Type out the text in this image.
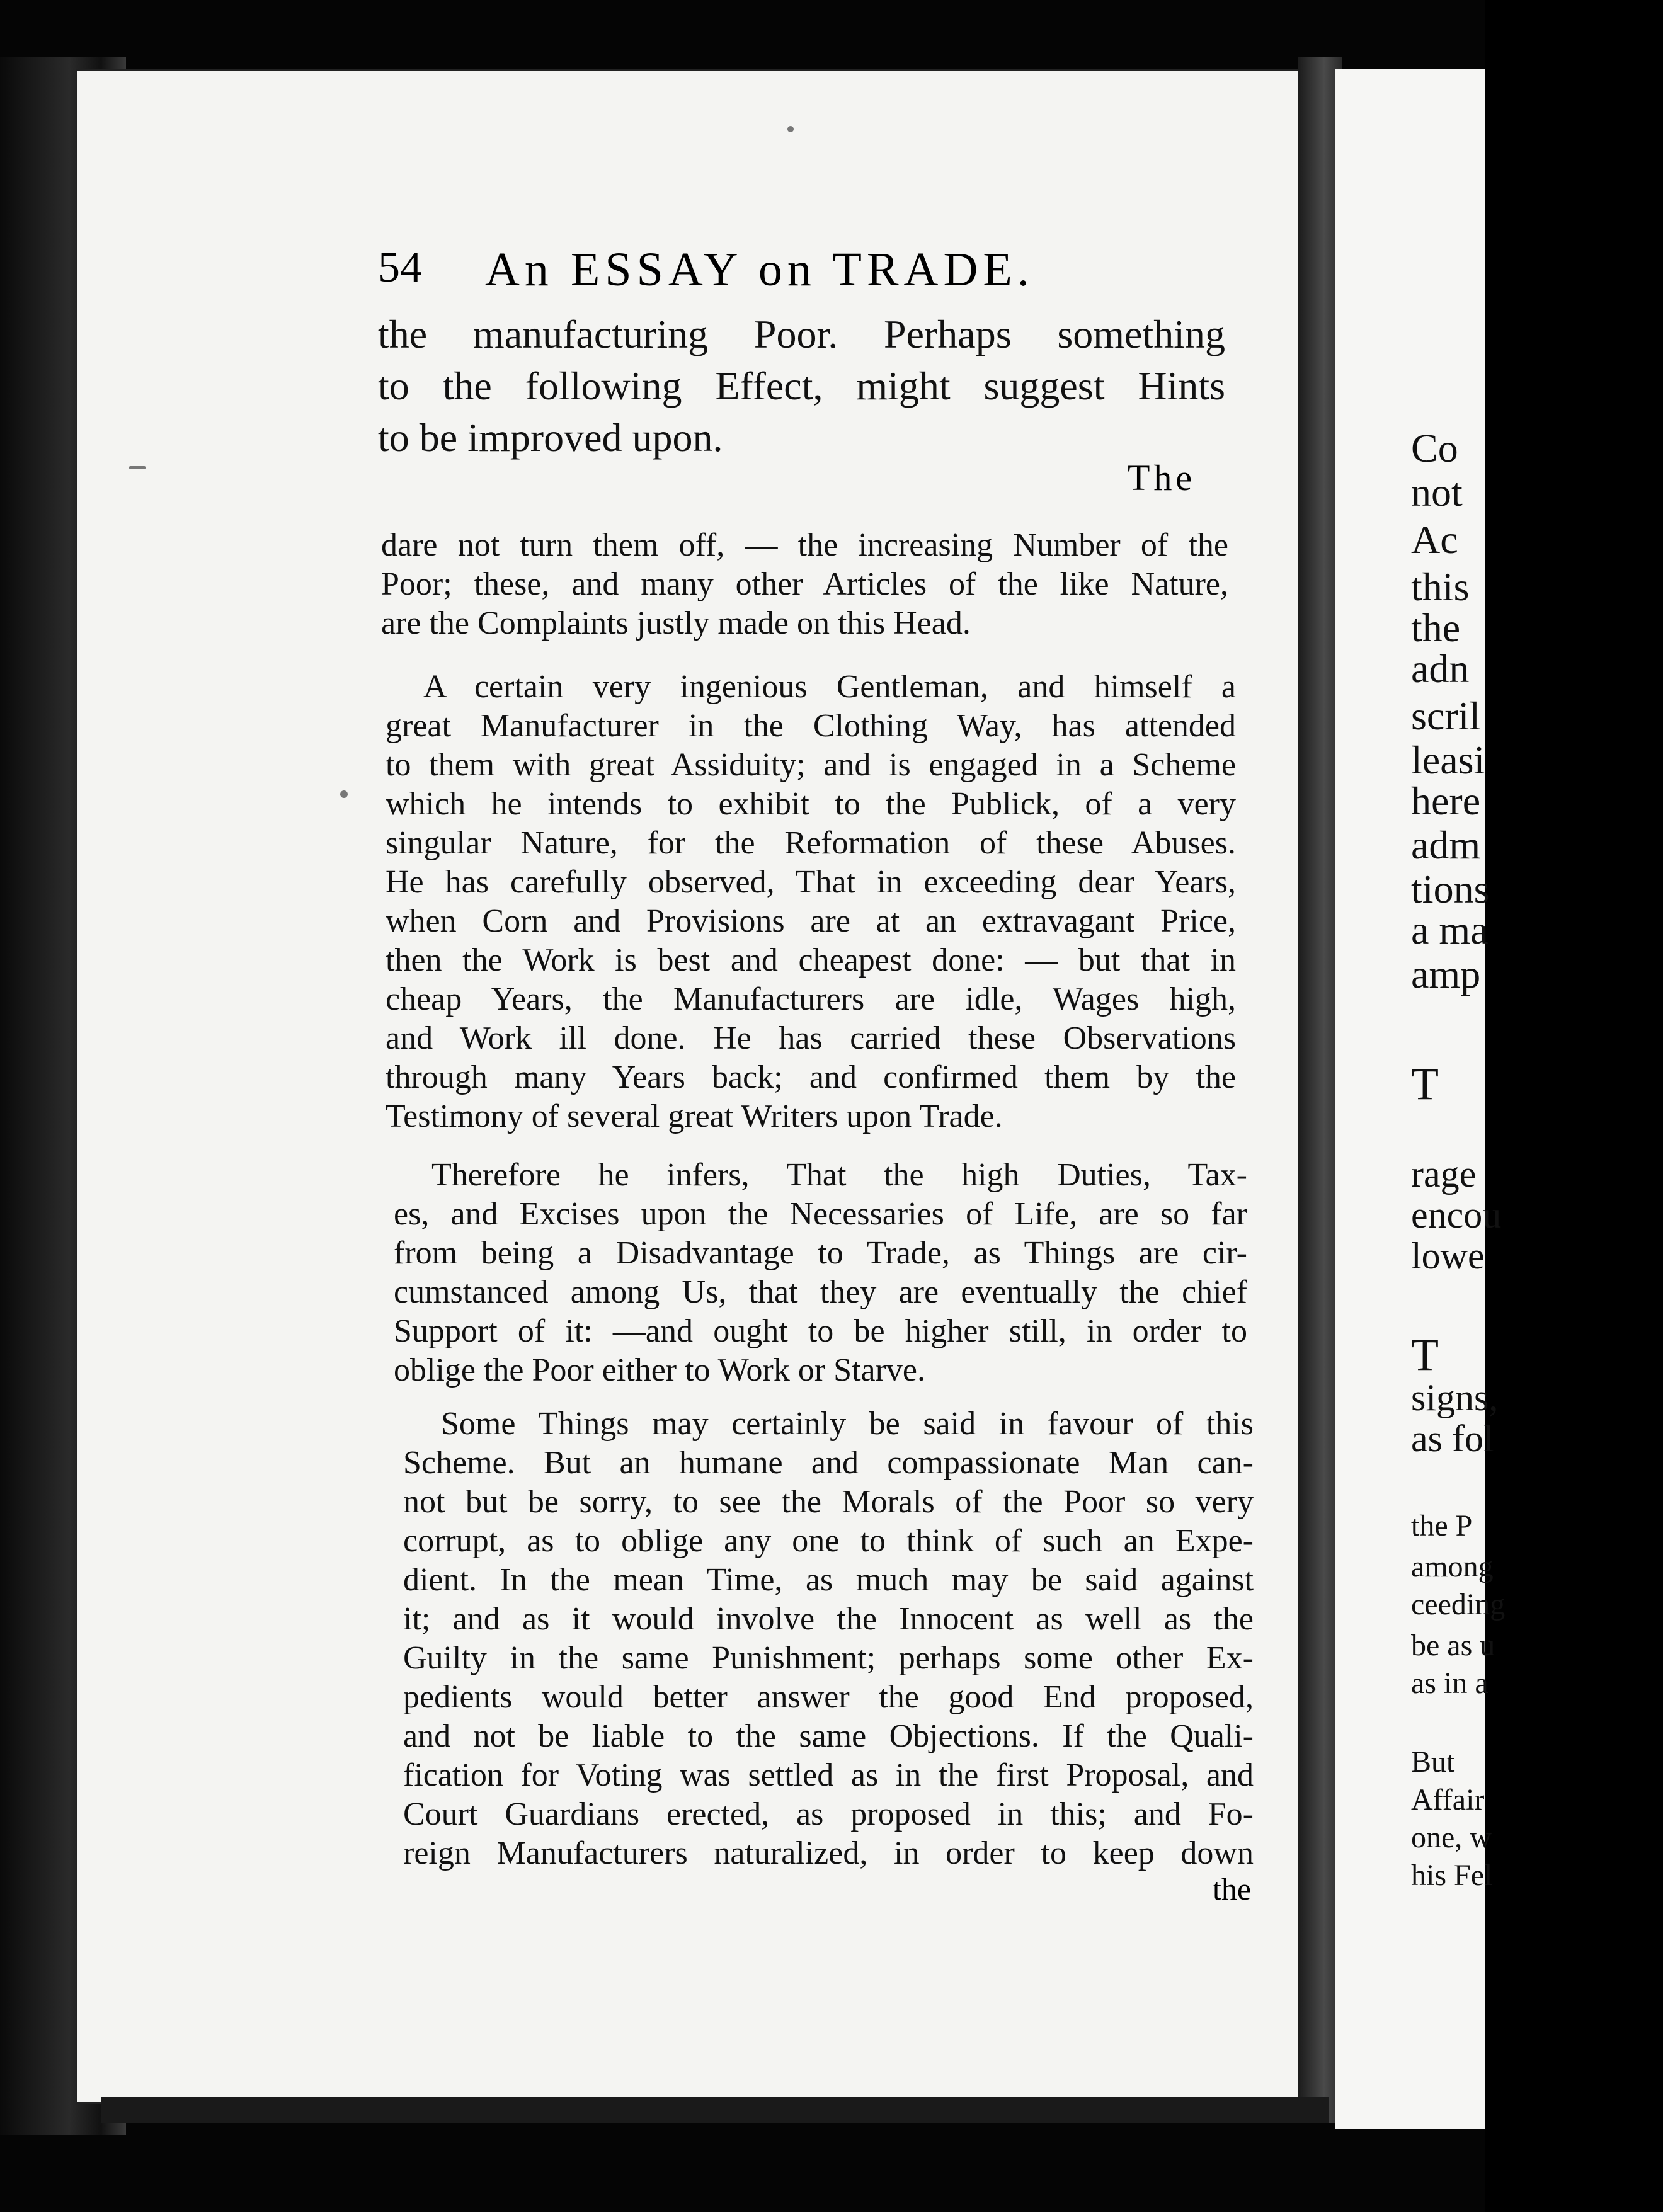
54 An ESSAY on TRADE.
the manufacturing Poor. Perhaps something
to the following Effect, might suggest Hints
to be improved upon.
The
dare not turn them off, — the increasing Number of the
Poor; these, and many other Articles of the like Nature,
are the Complaints justly made on this Head.
A certain very ingenious Gentleman, and himself a
great Manufacturer in the Clothing Way, has attended
to them with great Assiduity; and is engaged in a Scheme
which he intends to exhibit to the Publick, of a very
singular Nature, for the Reformation of these Abuses.
He has carefully observed, That in exceeding dear Years,
when Corn and Provisions are at an extravagant Price,
then the Work is best and cheapest done: — but that in
cheap Years, the Manufacturers are idle, Wages high,
and Work ill done. He has carried these Observations
through many Years back; and confirmed them by the
Testimony of several great Writers upon Trade.
Therefore he infers, That the high Duties, Tax-
es, and Excises upon the Necessaries of Life, are so far
from being a Disadvantage to Trade, as Things are cir-
cumstanced among Us, that they are eventually the chief
Support of it: —and ought to be higher still, in order to
oblige the Poor either to Work or Starve.
Some Things may certainly be said in favour of this
Scheme. But an humane and compassionate Man can-
not but be sorry, to see the Morals of the Poor so very
corrupt, as to oblige any one to think of such an Expe-
dient. In the mean Time, as much may be said against
it; and as it would involve the Innocent as well as the
Guilty in the same Punishment; perhaps some other Ex-
pedients would better answer the good End proposed,
and not be liable to the same Objections. If the Quali-
fication for Voting was settled as in the first Proposal, and
Court Guardians erected, as proposed in this; and Fo-
reign Manufacturers naturalized, in order to keep down
the
Co
not
Ac
this
the
adn
scril
leasi
here
adm
tions
a ma
amp
T
rage
encou
lowe
T
signs,
as fol
the P
among
ceeding
be as u
as in a
But
Affair
one, w
his Fel
